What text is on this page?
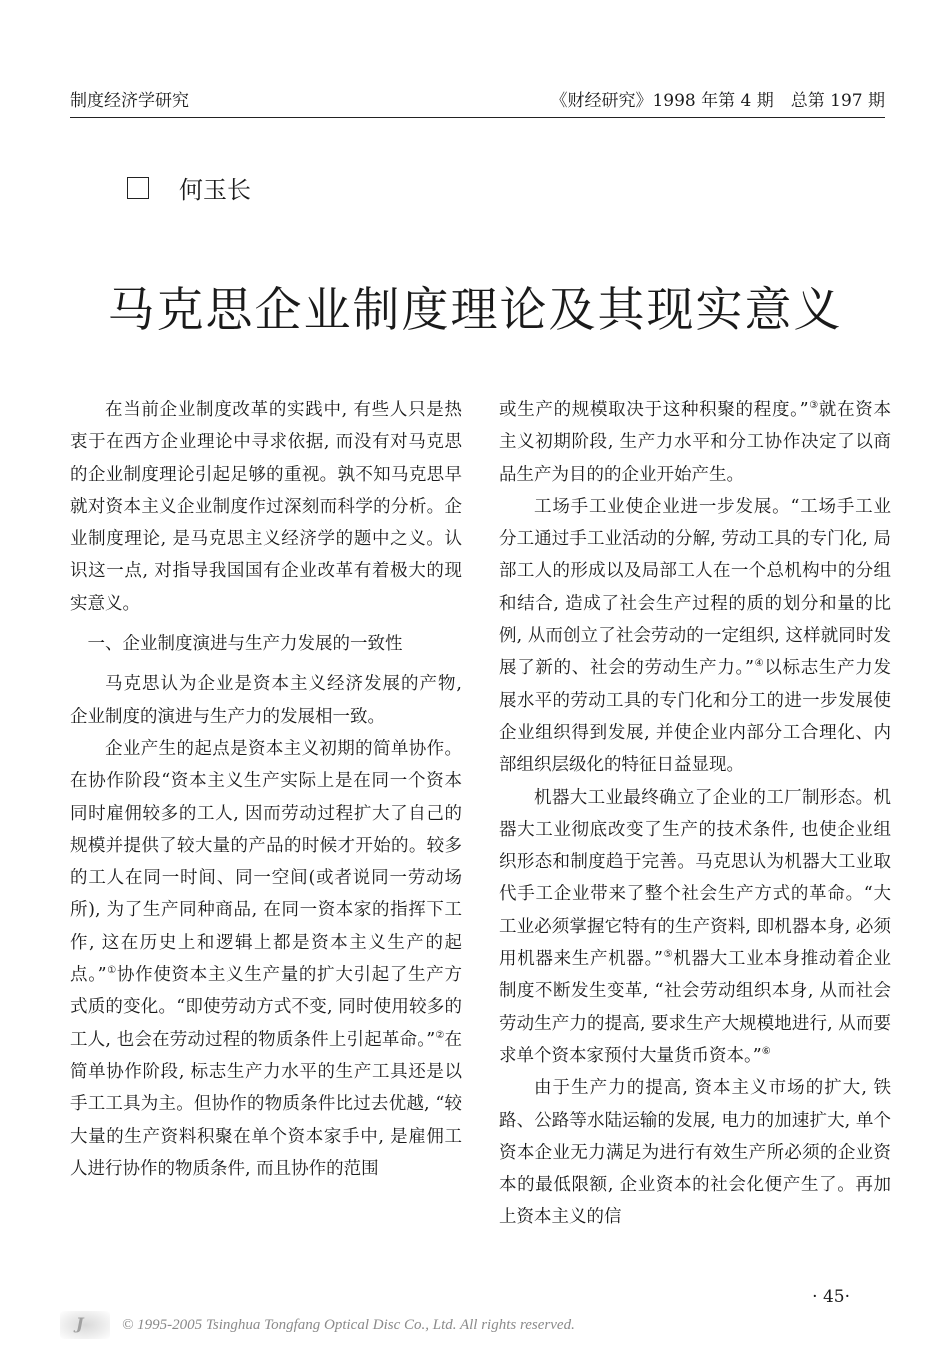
制度经济学研究	《财经研究》1998 年第 4 期　总第 197 期
何玉长
马克思企业制度理论及其现实意义

在当前企业制度改革的实践中, 有些人只是热衷于在西方企业理论中寻求依据, 而没有对马克思的企业制度理论引起足够的重视。孰不知马克思早就对资本主义企业制度作过深刻而科学的分析。企业制度理论, 是马克思主义经济学的题中之义。认识这一点, 对指导我国国有企业改革有着极大的现实意义。

一、企业制度演进与生产力发展的一致性

马克思认为企业是资本主义经济发展的产物, 企业制度的演进与生产力的发展相一致。

企业产生的起点是资本主义初期的简单协作。在协作阶段“资本主义生产实际上是在同一个资本同时雇佣较多的工人, 因而劳动过程扩大了自己的规模并提供了较大量的产品的时候才开始的。较多的工人在同一时间、同一空间(或者说同一劳动场所), 为了生产同种商品, 在同一资本家的指挥下工作, 这在历史上和逻辑上都是资本主义生产的起点。”①协作使资本主义生产量的扩大引起了生产方式质的变化。“即使劳动方式不变, 同时使用较多的工人, 也会在劳动过程的物质条件上引起革命。”②在简单协作阶段, 标志生产力水平的生产工具还是以手工工具为主。但协作的物质条件比过去优越, “较大量的生产资料积聚在单个资本家手中, 是雇佣工人进行协作的物质条件, 而且协作的范围

或生产的规模取决于这种积聚的程度。”③就在资本主义初期阶段, 生产力水平和分工协作决定了以商品生产为目的的企业开始产生。

工场手工业使企业进一步发展。“工场手工业分工通过手工业活动的分解, 劳动工具的专门化, 局部工人的形成以及局部工人在一个总机构中的分组和结合, 造成了社会生产过程的质的划分和量的比例, 从而创立了社会劳动的一定组织, 这样就同时发展了新的、社会的劳动生产力。”④以标志生产力发展水平的劳动工具的专门化和分工的进一步发展使企业组织得到发展, 并使企业内部分工合理化、内部组织层级化的特征日益显现。

机器大工业最终确立了企业的工厂制形态。机器大工业彻底改变了生产的技术条件, 也使企业组织形态和制度趋于完善。马克思认为机器大工业取代手工企业带来了整个社会生产方式的革命。“大工业必须掌握它特有的生产资料, 即机器本身, 必须用机器来生产机器。”⑤机器大工业本身推动着企业制度不断发生变革, “社会劳动组织本身, 从而社会劳动生产力的提高, 要求生产大规模地进行, 从而要求单个资本家预付大量货币资本。”⑥

由于生产力的提高, 资本主义市场的扩大, 铁路、公路等水陆运输的发展, 电力的加速扩大, 单个资本企业无力满足为进行有效生产所必须的企业资本的最低限额, 企业资本的社会化便产生了。再加上资本主义的信

· 45·
J	© 1995-2005 Tsinghua Tongfang Optical Disc Co., Ltd. All rights reserved.
